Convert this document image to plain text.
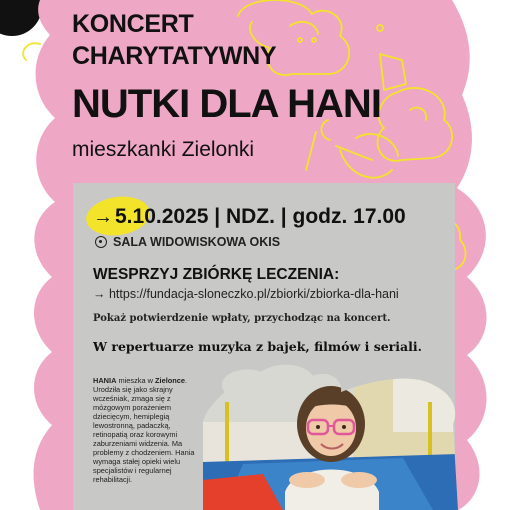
KONCERT
CHARYTATYWNY
NUTKI DLA HANI
mieszkanki Zielonki
→5.10.2025 | NDZ. | godz. 17.00
SALA WIDOWISKOWA OKIS
WESPRZYJ ZBIÓRKĘ LECZENIA:
→ https://fundacja-sloneczko.pl/zbiorki/zbiorka-dla-hani
Pokaż potwierdzenie wpłaty, przychodząc na koncert.
W repertuarze muzyka z bajek, filmów i seriali.
HANIA mieszka w Zielonce. Urodziła się jako skrajny wcześniak, zmaga się z mózgowym porażeniem dziecięcym, hemiplegią lewostronną, padaczką, retinopatią oraz korowymi zaburzeniami widzenia. Ma problemy z chodzeniem. Hania wymaga stałej opieki wielu specjalistów i regularnej rehabilitacji.
